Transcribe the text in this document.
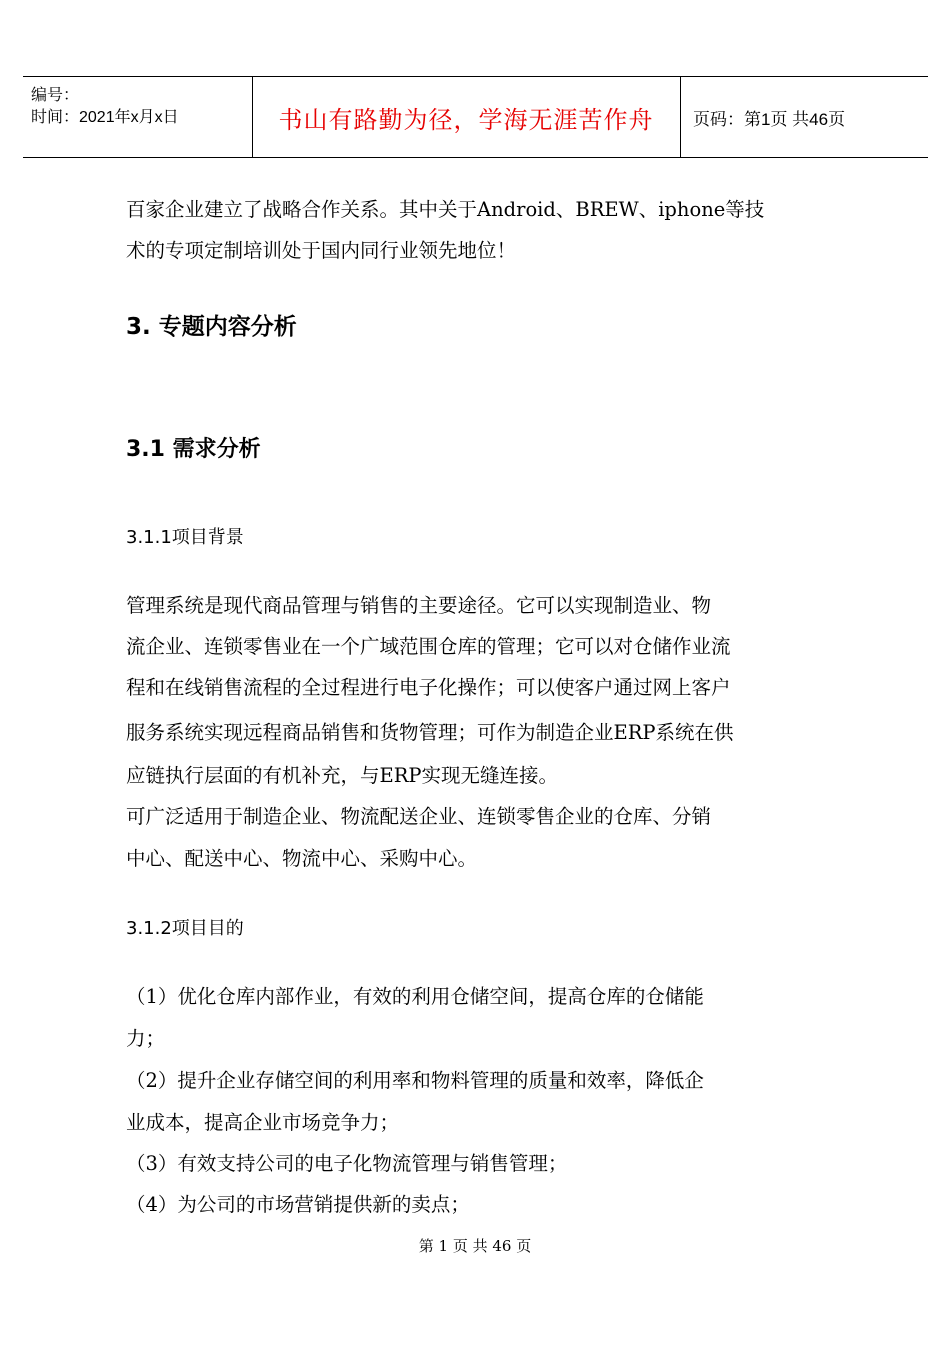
编号：
时间：2021年x月x日	书山有路勤为径，学海无涯苦作舟	页码：第1页 共46页
百家企业建立了战略合作关系。其中关于Android、BREW、iphone等技
术的专项定制培训处于国内同行业领先地位！
3. 专题内容分析
3.1 需求分析
3.1.1项目背景
管理系统是现代商品管理与销售的主要途径。它可以实现制造业、物
流企业、连锁零售业在一个广域范围仓库的管理；它可以对仓储作业流
程和在线销售流程的全过程进行电子化操作；可以使客户通过网上客户
服务系统实现远程商品销售和货物管理；可作为制造企业ERP系统在供
应链执行层面的有机补充，与ERP实现无缝连接。
可广泛适用于制造企业、物流配送企业、连锁零售企业的仓库、分销
中心、配送中心、物流中心、采购中心。
3.1.2项目目的
（1）优化仓库内部作业，有效的利用仓储空间，提高仓库的仓储能
力；
（2）提升企业存储空间的利用率和物料管理的质量和效率，降低企
业成本，提高企业市场竞争力；
（3）有效支持公司的电子化物流管理与销售管理；
（4）为公司的市场营销提供新的卖点；
第 1 页 共 46 页
